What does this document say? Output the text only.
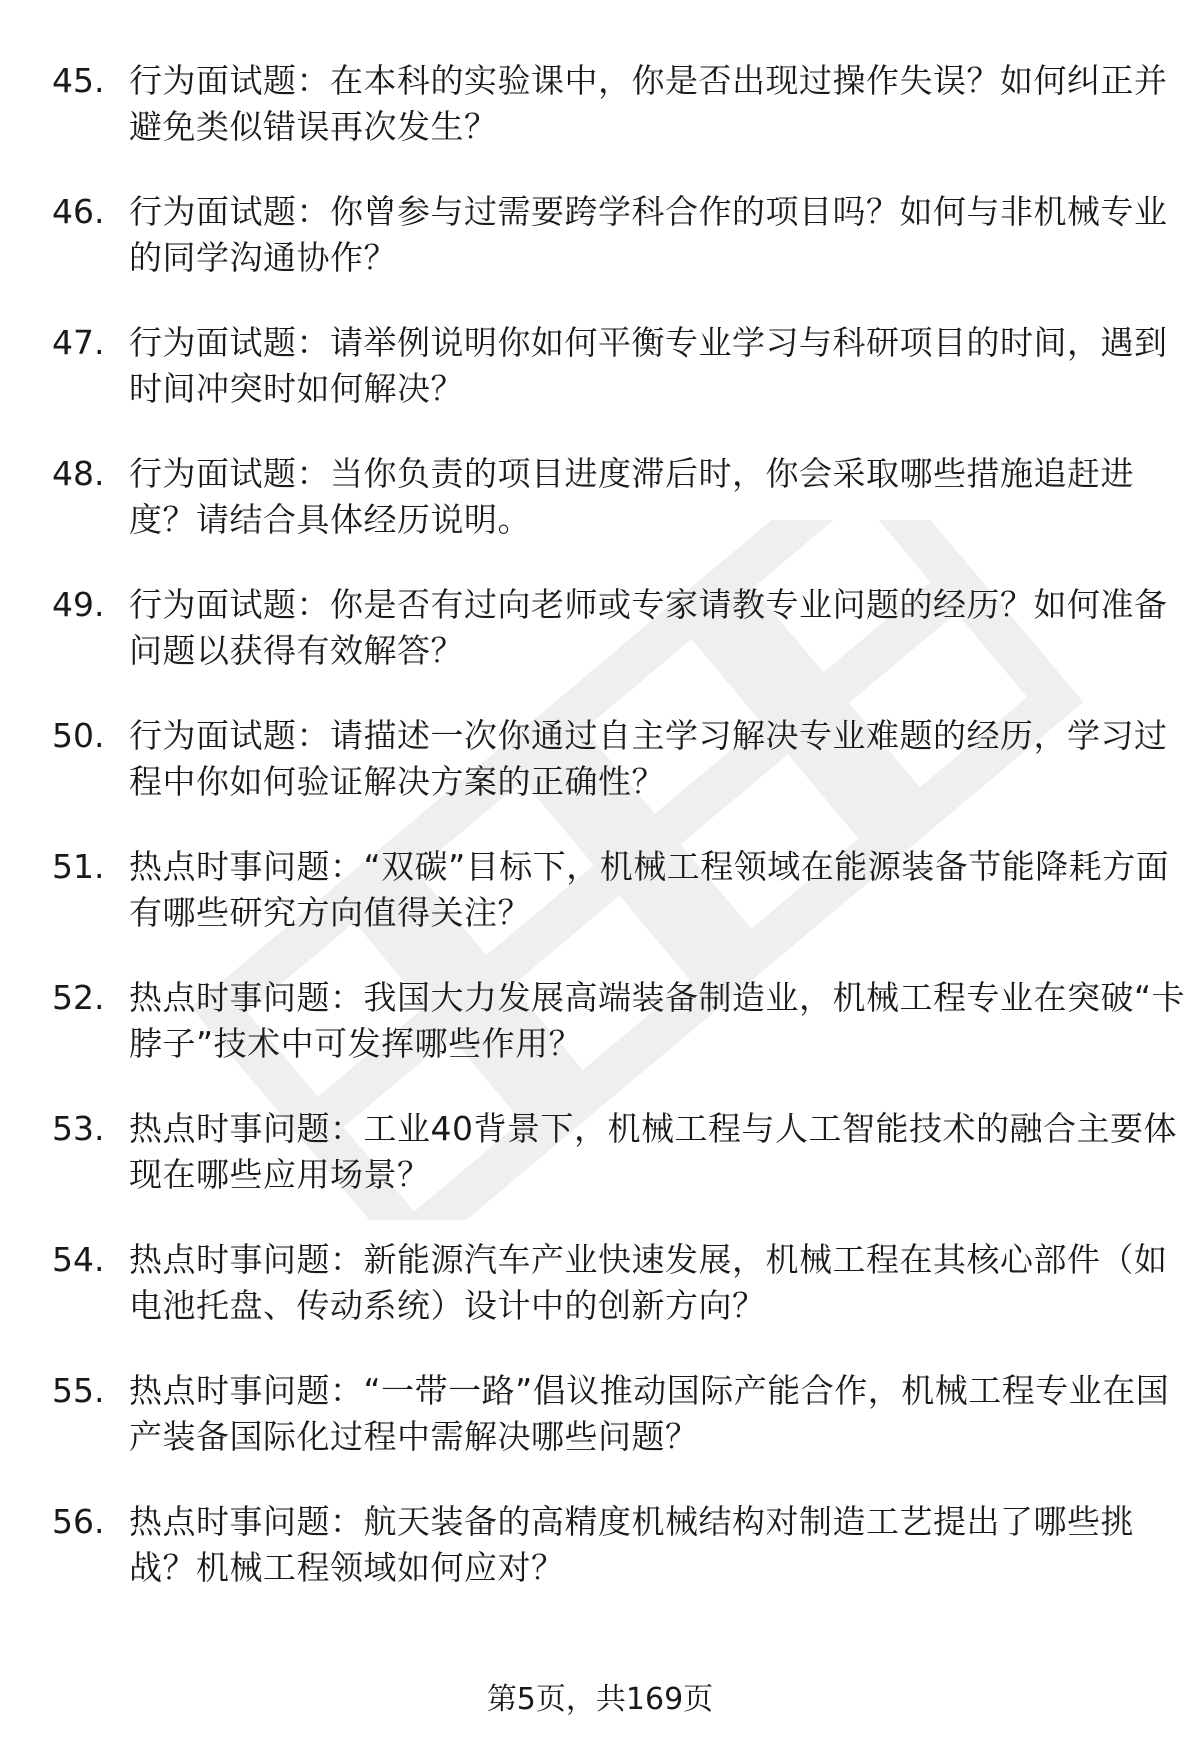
45. 行为面试题：在本科的实验课中，你是否出现过操作失误？如何纠正并避免类似错误再次发生？
46. 行为面试题：你曾参与过需要跨学科合作的项目吗？如何与非机械专业的同学沟通协作？
47. 行为面试题：请举例说明你如何平衡专业学习与科研项目的时间，遇到时间冲突时如何解决？
48. 行为面试题：当你负责的项目进度滞后时，你会采取哪些措施追赶进度？请结合具体经历说明。
49. 行为面试题：你是否有过向老师或专家请教专业问题的经历？如何准备问题以获得有效解答？
50. 行为面试题：请描述一次你通过自主学习解决专业难题的经历，学习过程中你如何验证解决方案的正确性？
51. 热点时事问题：“双碳”目标下，机械工程领域在能源装备节能降耗方面有哪些研究方向值得关注？
52. 热点时事问题：我国大力发展高端装备制造业，机械工程专业在突破“卡脖子”技术中可发挥哪些作用？
53. 热点时事问题：工业40背景下，机械工程与人工智能技术的融合主要体现在哪些应用场景？
54. 热点时事问题：新能源汽车产业快速发展，机械工程在其核心部件（如电池托盘、传动系统）设计中的创新方向？
55. 热点时事问题：“一带一路”倡议推动国际产能合作，机械工程专业在国产装备国际化过程中需解决哪些问题？
56. 热点时事问题：航天装备的高精度机械结构对制造工艺提出了哪些挑战？机械工程领域如何应对？
第5页，共169页
